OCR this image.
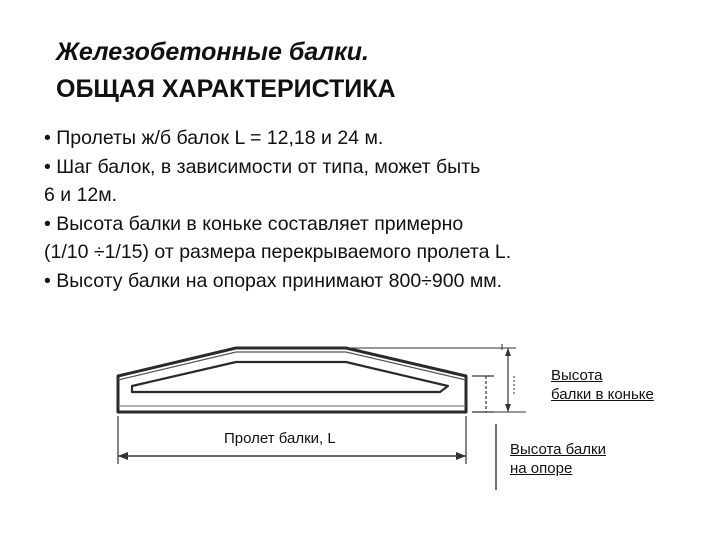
Железобетонные балки.
ОБЩАЯ ХАРАКТЕРИСТИКА
• Пролеты ж/б балок L = 12,18 и 24 м.
• Шаг балок, в зависимости от типа, может быть
6 и 12м.
• Высота балки в коньке составляет примерно
(1/10 ÷1/15) от размера перекрываемого пролета L.
• Высоту балки на опорах принимают 800÷900 мм.
Высота
балки в коньке
Пролет балки, L
Высота балки
на опоре
